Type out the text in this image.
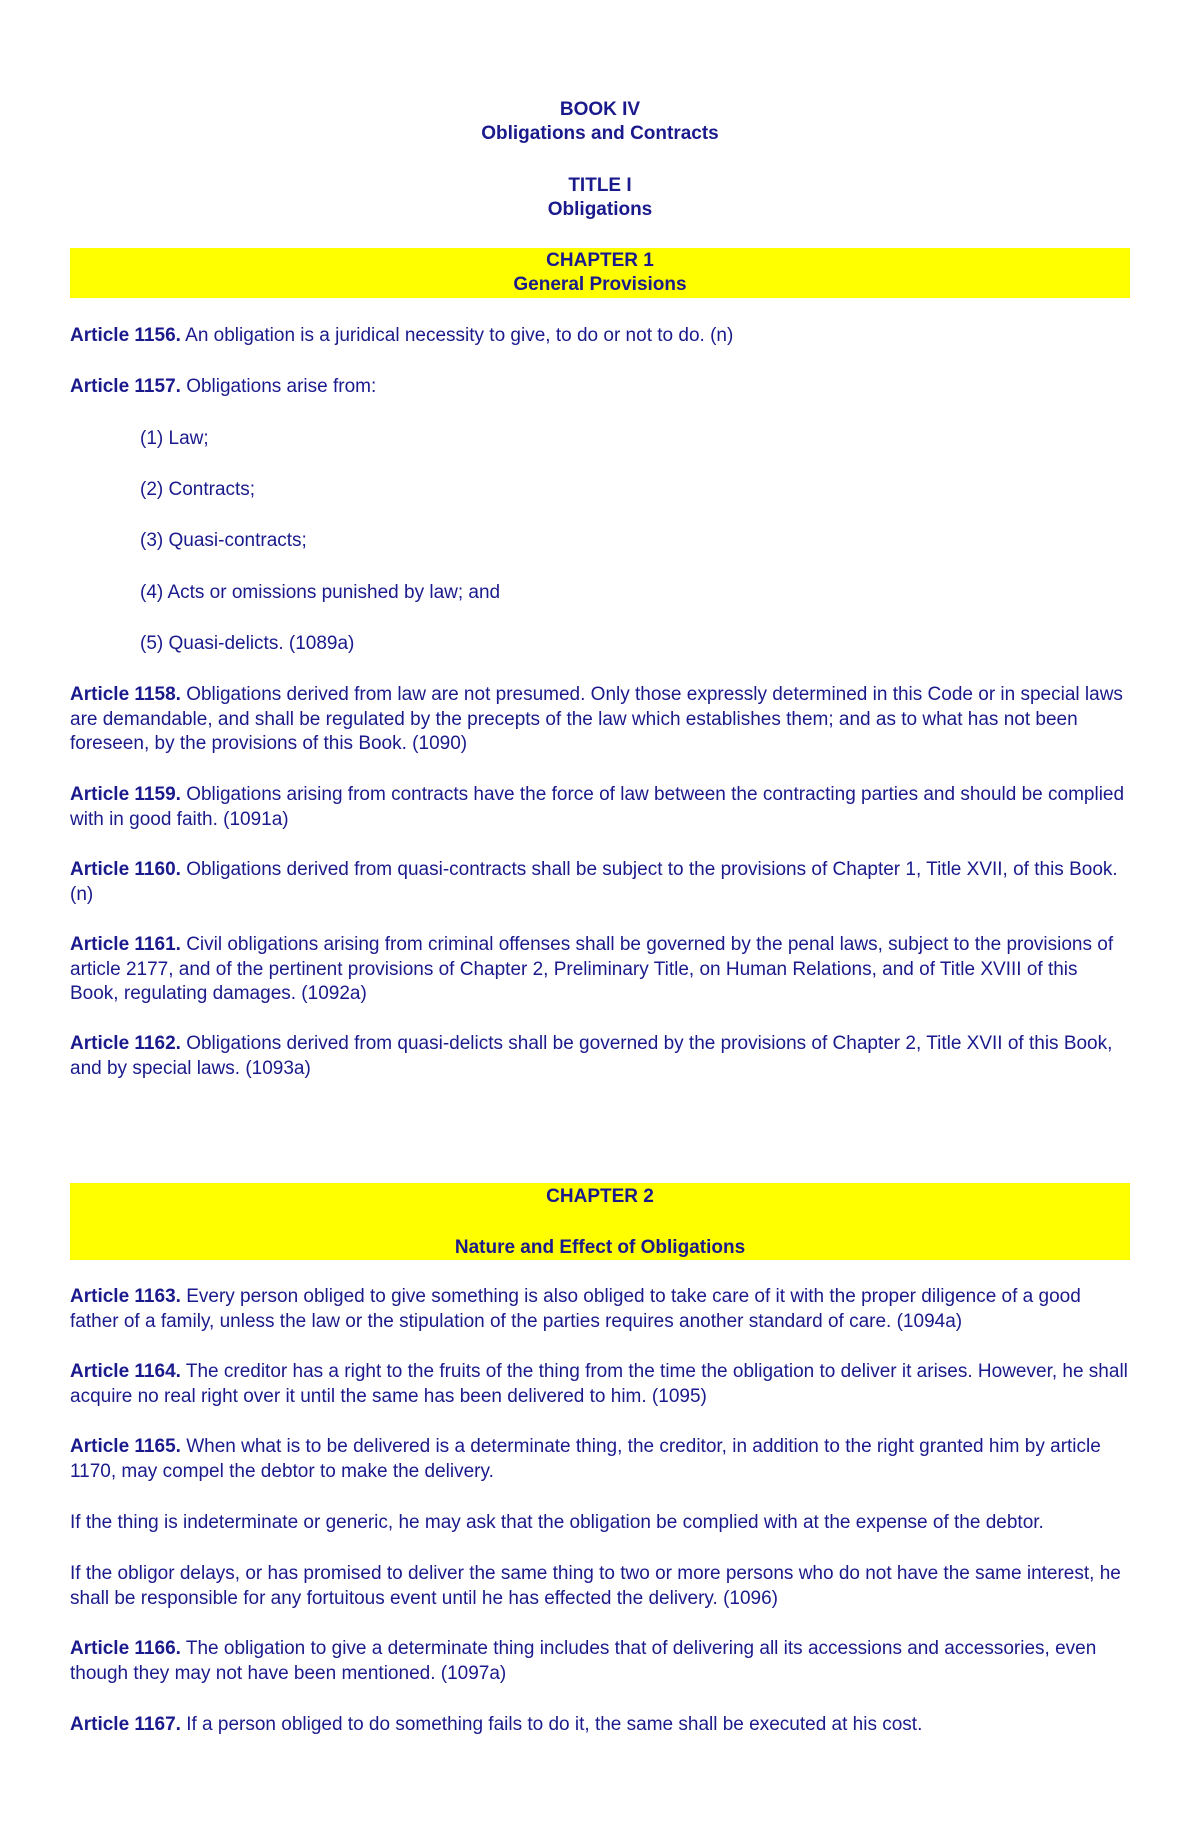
BOOK IV
Obligations and Contracts
TITLE I
Obligations
CHAPTER 1
General Provisions

Article 1156. An obligation is a juridical necessity to give, to do or not to do. (n)

Article 1157. Obligations arise from:

(1) Law;
(2) Contracts;
(3) Quasi-contracts;
(4) Acts or omissions punished by law; and
(5) Quasi-delicts. (1089a)

Article 1158. Obligations derived from law are not presumed. Only those expressly determined in this Code or in special laws are demandable, and shall be regulated by the precepts of the law which establishes them; and as to what has not been foreseen, by the provisions of this Book. (1090)

Article 1159. Obligations arising from contracts have the force of law between the contracting parties and should be complied with in good faith. (1091a)

Article 1160. Obligations derived from quasi-contracts shall be subject to the provisions of Chapter 1, Title XVII, of this Book. (n)

Article 1161. Civil obligations arising from criminal offenses shall be governed by the penal laws, subject to the provisions of article 2177, and of the pertinent provisions of Chapter 2, Preliminary Title, on Human Relations, and of Title XVIII of this Book, regulating damages. (1092a)

Article 1162. Obligations derived from quasi-delicts shall be governed by the provisions of Chapter 2, Title XVII of this Book, and by special laws. (1093a)

CHAPTER 2
Nature and Effect of Obligations

Article 1163. Every person obliged to give something is also obliged to take care of it with the proper diligence of a good father of a family, unless the law or the stipulation of the parties requires another standard of care. (1094a)

Article 1164. The creditor has a right to the fruits of the thing from the time the obligation to deliver it arises. However, he shall acquire no real right over it until the same has been delivered to him. (1095)

Article 1165. When what is to be delivered is a determinate thing, the creditor, in addition to the right granted him by article 1170, may compel the debtor to make the delivery.

If the thing is indeterminate or generic, he may ask that the obligation be complied with at the expense of the debtor.

If the obligor delays, or has promised to deliver the same thing to two or more persons who do not have the same interest, he shall be responsible for any fortuitous event until he has effected the delivery. (1096)

Article 1166. The obligation to give a determinate thing includes that of delivering all its accessions and accessories, even though they may not have been mentioned. (1097a)

Article 1167. If a person obliged to do something fails to do it, the same shall be executed at his cost.
